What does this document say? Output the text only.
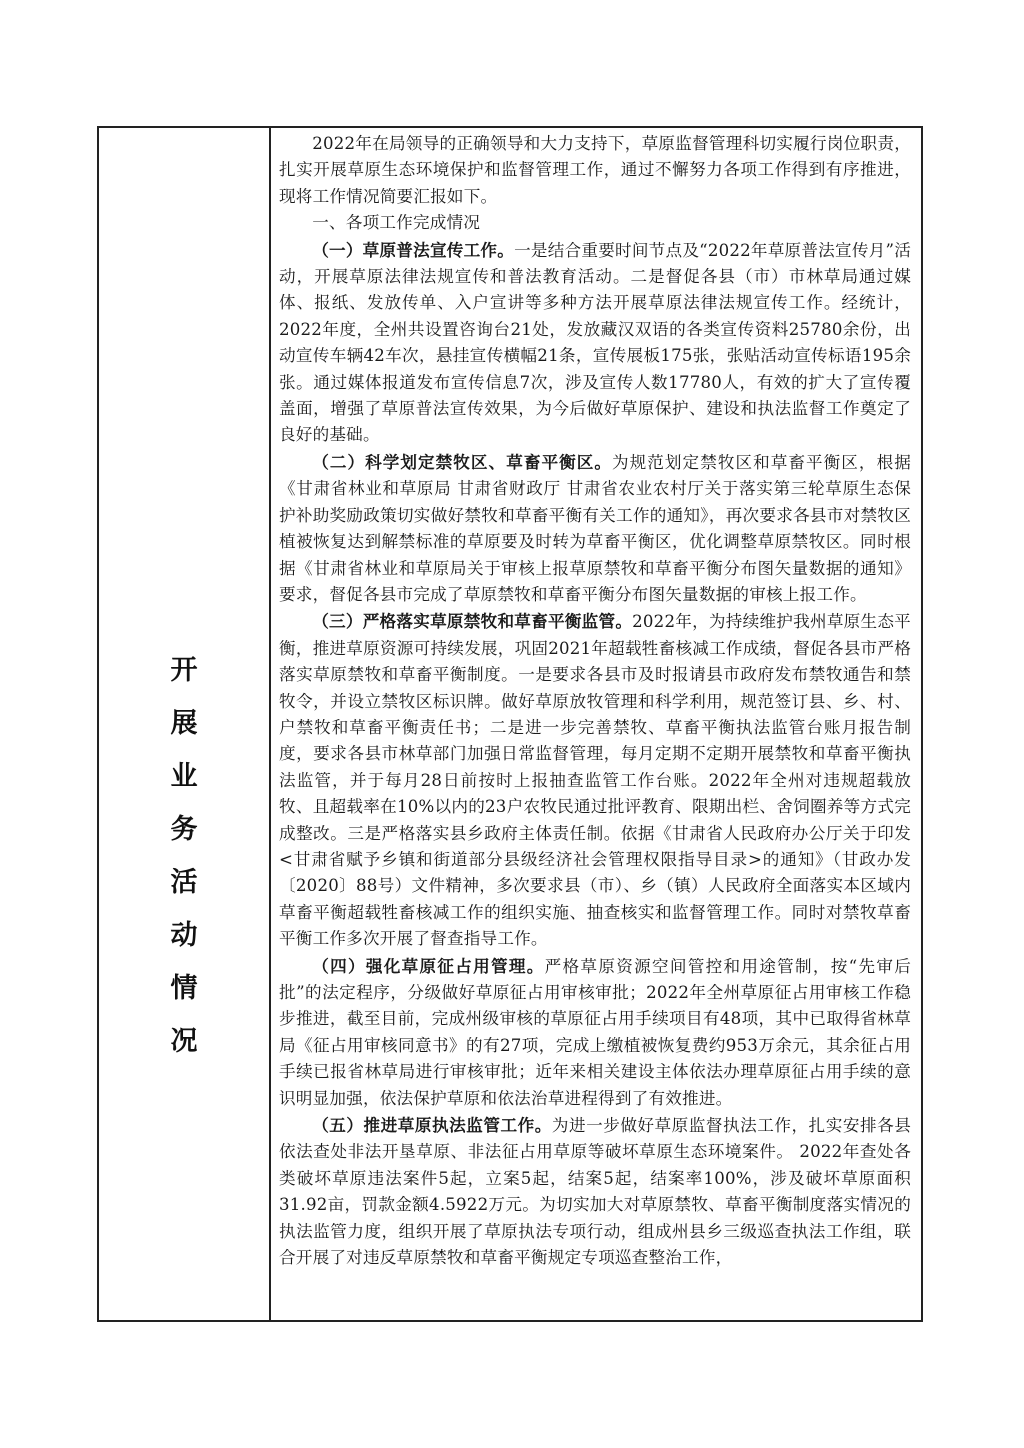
开
展
业
务
活
动
情
况

2022年在局领导的正确领导和大力支持下，草原监督管理科切实履行岗位职责，扎实开展草原生态环境保护和监督管理工作，通过不懈努力各项工作得到有序推进，现将工作情况简要汇报如下。

一、各项工作完成情况

（一）草原普法宣传工作。一是结合重要时间节点及“2022年草原普法宣传月”活动，开展草原法律法规宣传和普法教育活动。二是督促各县（市）市林草局通过媒体、报纸、发放传单、入户宣讲等多种方法开展草原法律法规宣传工作。经统计，2022年度，全州共设置咨询台21处，发放藏汉双语的各类宣传资料25780余份，出动宣传车辆42车次，悬挂宣传横幅21条，宣传展板175张，张贴活动宣传标语195余张。通过媒体报道发布宣传信息7次，涉及宣传人数17780人，有效的扩大了宣传覆盖面，增强了草原普法宣传效果，为今后做好草原保护、建设和执法监督工作奠定了良好的基础。

（二）科学划定禁牧区、草畜平衡区。为规范划定禁牧区和草畜平衡区，根据《甘肃省林业和草原局 甘肃省财政厅 甘肃省农业农村厅关于落实第三轮草原生态保护补助奖励政策切实做好禁牧和草畜平衡有关工作的通知》，再次要求各县市对禁牧区植被恢复达到解禁标准的草原要及时转为草畜平衡区，优化调整草原禁牧区。同时根据《甘肃省林业和草原局关于审核上报草原禁牧和草畜平衡分布图矢量数据的通知》要求，督促各县市完成了草原禁牧和草畜平衡分布图矢量数据的审核上报工作。

（三）严格落实草原禁牧和草畜平衡监管。2022年，为持续维护我州草原生态平衡，推进草原资源可持续发展，巩固2021年超载牲畜核减工作成绩，督促各县市严格落实草原禁牧和草畜平衡制度。一是要求各县市及时报请县市政府发布禁牧通告和禁牧令，并设立禁牧区标识牌。做好草原放牧管理和科学利用，规范签订县、乡、村、户禁牧和草畜平衡责任书；二是进一步完善禁牧、草畜平衡执法监管台账月报告制度，要求各县市林草部门加强日常监督管理，每月定期不定期开展禁牧和草畜平衡执法监管，并于每月28日前按时上报抽查监管工作台账。2022年全州对违规超载放牧、且超载率在10%以内的23户农牧民通过批评教育、限期出栏、舍饲圈养等方式完成整改。三是严格落实县乡政府主体责任制。依据《甘肃省人民政府办公厅关于印发<甘肃省赋予乡镇和街道部分县级经济社会管理权限指导目录>的通知》（甘政办发〔2020〕88号）文件精神，多次要求县（市）、乡（镇）人民政府全面落实本区域内草畜平衡超载牲畜核减工作的组织实施、抽查核实和监督管理工作。同时对禁牧草畜平衡工作多次开展了督查指导工作。

（四）强化草原征占用管理。严格草原资源空间管控和用途管制，按“先审后批”的法定程序，分级做好草原征占用审核审批；2022年全州草原征占用审核工作稳步推进，截至目前，完成州级审核的草原征占用手续项目有48项，其中已取得省林草局《征占用审核同意书》的有27项，完成上缴植被恢复费约953万余元，其余征占用手续已报省林草局进行审核审批；近年来相关建设主体依法办理草原征占用手续的意识明显加强，依法保护草原和依法治草进程得到了有效推进。

（五）推进草原执法监管工作。为进一步做好草原监督执法工作，扎实安排各县依法查处非法开垦草原、非法征占用草原等破坏草原生态环境案件。 2022年查处各类破坏草原违法案件5起，立案5起，结案5起，结案率100%，涉及破坏草原面积31.92亩，罚款金额4.5922万元。为切实加大对草原禁牧、草畜平衡制度落实情况的执法监管力度，组织开展了草原执法专项行动，组成州县乡三级巡查执法工作组，联合开展了对违反草原禁牧和草畜平衡规定专项巡查整治工作，
